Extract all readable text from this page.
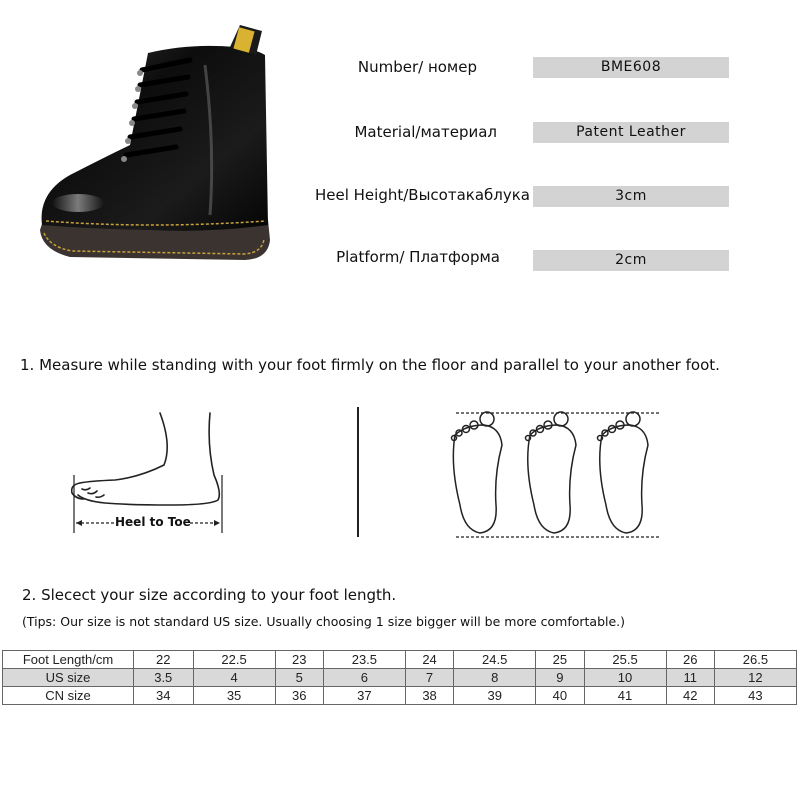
Number/ номер	BME608
Material/материал	Patent Leather
Heel Height/Высотакаблука	3cm
Platform/ Платформа	2cm
1. Measure while standing with your foot firmly on the floor and parallel to your another foot.
Heel to Toe
2. Slecect your size according to your foot length.
(Tips: Our size is not standard US size. Usually choosing 1 size bigger will be more comfortable.)
Foot Length/cm	22	22.5	23	23.5	24	24.5	25	25.5	26	26.5
US size	3.5	4	5	6	7	8	9	10	11	12
CN size	34	35	36	37	38	39	40	41	42	43
